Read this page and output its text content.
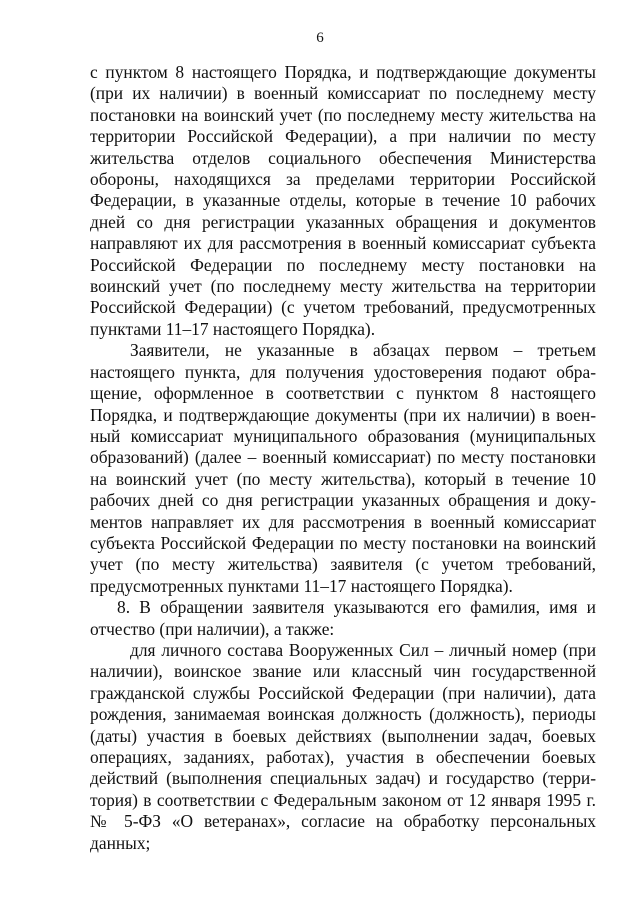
6

с пунктом 8 настоящего Порядка, и подтверждающие документы (при их наличии) в военный комиссариат по последнему месту постановки на воинский учет (по последнему месту жительства на территории Российской Федерации), а при наличии по месту жительства отделов социального обеспечения Министерства обороны, находящихся за пределами территории Российской Федерации, в указанные отделы, которые в течение 10 рабочих дней со дня регистрации указанных обращения и документов направляют их для рассмотрения в военный комиссариат субъекта Российской Федерации по последнему месту постановки на воинский учет (по последнему месту жительства на территории Российской Федерации) (с учетом требований, предусмотренных пунктами 11–17 настоящего Порядка).

Заявители, не указанные в абзацах первом – третьем настоящего пункта, для получения удостоверения подают обращение, оформленное в соответствии с пунктом 8 настоящего Порядка, и подтверждающие документы (при их наличии) в военный комиссариат муниципального образования (муниципальных образований) (далее – военный комиссариат) по месту постановки на воинский учет (по месту жительства), который в течение 10 рабочих дней со дня регистрации указанных обращения и документов направляет их для рассмотрения в военный комиссариат субъекта Российской Федерации по месту постановки на воинский учет (по месту жительства) заявителя (с учетом требований, предусмотренных пунктами 11–17 настоящего Порядка).

8. В обращении заявителя указываются его фамилия, имя и отчество (при наличии), а также:

для личного состава Вооруженных Сил – личный номер (при наличии), воинское звание или классный чин государственной гражданской службы Российской Федерации (при наличии), дата рождения, занимаемая воинская должность (должность), периоды (даты) участия в боевых действиях (выполнении задач, боевых операциях, заданиях, работах), участия в обеспечении боевых действий (выполнения специальных задач) и государство (территория) в соответствии с Федеральным законом от 12 января 1995 г. № 5-ФЗ «О ветеранах», согласие на обработку персональных данных;
